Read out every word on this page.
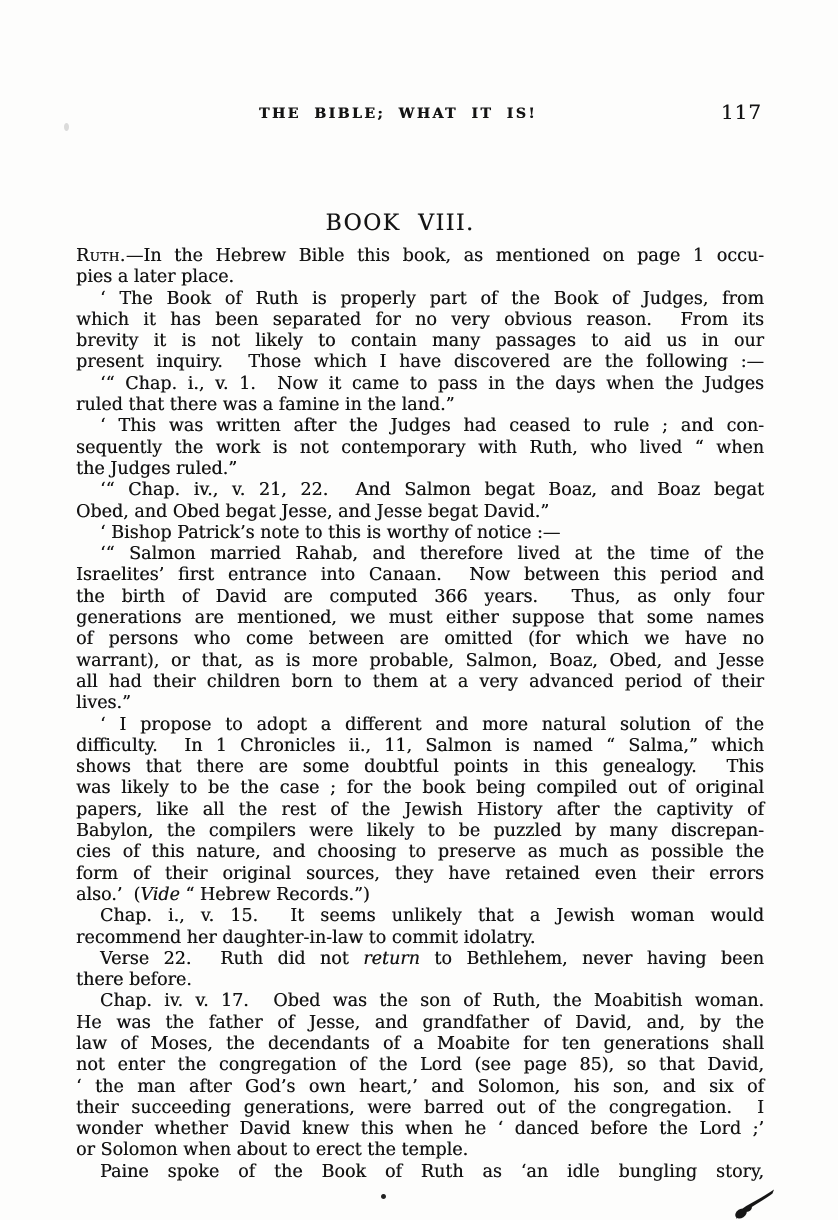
THE BIBLE; WHAT IT IS!	117
BOOK VIII.
Ruth.—In the Hebrew Bible this book, as mentioned on page 1 occu-
pies a later place.
‘ The Book of Ruth is properly part of the Book of Judges, from
which it has been separated for no very obvious reason.  From its
brevity it is not likely to contain many passages to aid us in our
present inquiry.  Those which I have discovered are the following :—
‘“ Chap. i., v. 1.  Now it came to pass in the days when the Judges
ruled that there was a famine in the land.”
‘ This was written after the Judges had ceased to rule ; and con-
sequently the work is not contemporary with Ruth, who lived “ when
the Judges ruled.”
‘“ Chap. iv., v. 21, 22.  And Salmon begat Boaz, and Boaz begat
Obed, and Obed begat Jesse, and Jesse begat David.”
‘ Bishop Patrick’s note to this is worthy of notice :—
‘“ Salmon married Rahab, and therefore lived at the time of the
Israelites’ first entrance into Canaan.  Now between this period and
the birth of David are computed 366 years.  Thus, as only four
generations are mentioned, we must either suppose that some names
of persons who come between are omitted (for which we have no
warrant), or that, as is more probable, Salmon, Boaz, Obed, and Jesse
all had their children born to them at a very advanced period of their
lives.”
‘ I propose to adopt a different and more natural solution of the
difficulty.  In 1 Chronicles ii., 11, Salmon is named “ Salma,” which
shows that there are some doubtful points in this genealogy.  This
was likely to be the case ; for the book being compiled out of original
papers, like all the rest of the Jewish History after the captivity of
Babylon, the compilers were likely to be puzzled by many discrepan-
cies of this nature, and choosing to preserve as much as possible the
form of their original sources, they have retained even their errors
also.’  (Vide “ Hebrew Records.”)
Chap. i., v. 15.  It seems unlikely that a Jewish woman would
recommend her daughter-in-law to commit idolatry.
Verse 22.  Ruth did not return to Bethlehem, never having been
there before.
Chap. iv. v. 17.  Obed was the son of Ruth, the Moabitish woman.
He was the father of Jesse, and grandfather of David, and, by the
law of Moses, the decendants of a Moabite for ten generations shall
not enter the congregation of the Lord (see page 85), so that David,
‘ the man after God’s own heart,’ and Solomon, his son, and six of
their succeeding generations, were barred out of the congregation.  I
wonder whether David knew this when he ‘ danced before the Lord ;’
or Solomon when about to erect the temple.
Paine spoke of the Book of Ruth as ‘an idle bungling story,
